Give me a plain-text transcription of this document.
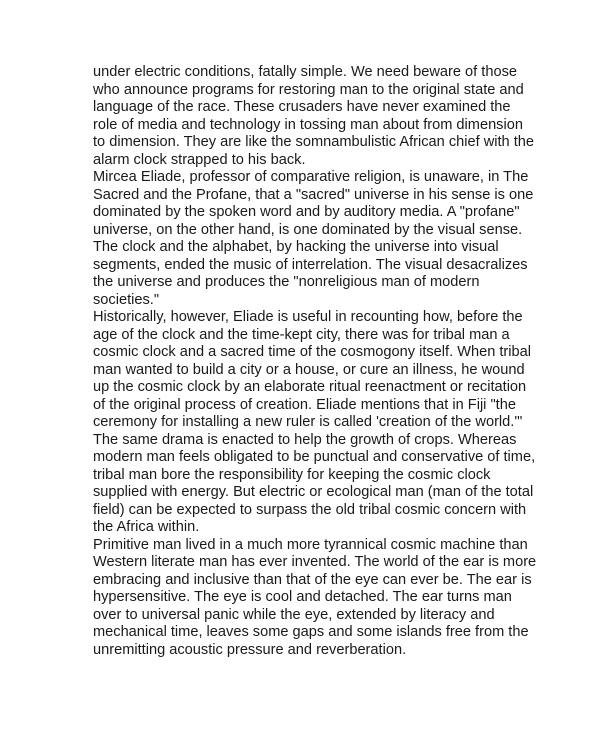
under electric conditions, fatally simple. We need beware of those
who announce programs for restoring man to the original state and
language of the race. These crusaders have never examined the
role of media and technology in tossing man about from dimension
to dimension. They are like the somnambulistic African chief with the
alarm clock strapped to his back.
Mircea Eliade, professor of comparative religion, is unaware, in The
Sacred and the Profane, that a "sacred" universe in his sense is one
dominated by the spoken word and by auditory media. A "profane"
universe, on the other hand, is one dominated by the visual sense.
The clock and the alphabet, by hacking the universe into visual
segments, ended the music of interrelation. The visual desacralizes
the universe and produces the "nonreligious man of modern
societies."
Historically, however, Eliade is useful in recounting how, before the
age of the clock and the time-kept city, there was for tribal man a
cosmic clock and a sacred time of the cosmogony itself. When tribal
man wanted to build a city or a house, or cure an illness, he wound
up the cosmic clock by an elaborate ritual reenactment or recitation
of the original process of creation. Eliade mentions that in Fiji "the
ceremony for installing a new ruler is called 'creation of the world.'"
The same drama is enacted to help the growth of crops. Whereas
modern man feels obligated to be punctual and conservative of time,
tribal man bore the responsibility for keeping the cosmic clock
supplied with energy. But electric or ecological man (man of the total
field) can be expected to surpass the old tribal cosmic concern with
the Africa within.
Primitive man lived in a much more tyrannical cosmic machine than
Western literate man has ever invented. The world of the ear is more
embracing and inclusive than that of the eye can ever be. The ear is
hypersensitive. The eye is cool and detached. The ear turns man
over to universal panic while the eye, extended by literacy and
mechanical time, leaves some gaps and some islands free from the
unremitting acoustic pressure and reverberation.
